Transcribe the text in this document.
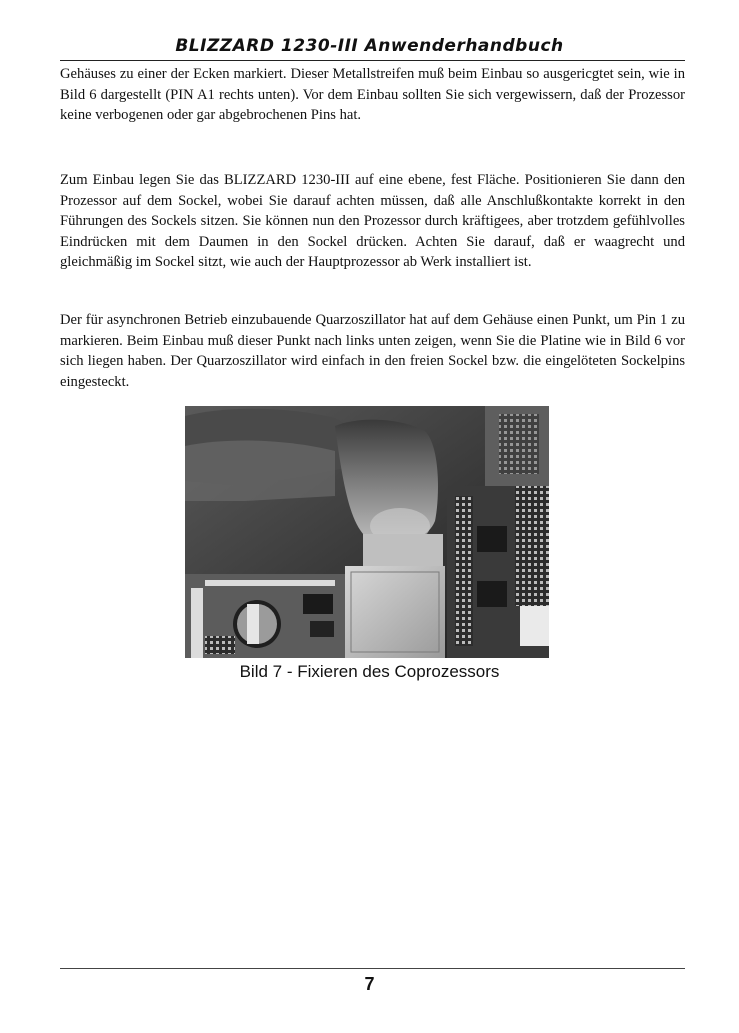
BLIZZARD 1230-III Anwenderhandbuch

Gehäuses zu einer der Ecken markiert. Dieser Metallstreifen muß beim Einbau so ausgericgtet sein, wie in Bild 6 dargestellt (PIN A1 rechts unten). Vor dem Einbau sollten Sie sich vergewissern, daß der Prozessor keine verbogenen oder gar abgebrochenen Pins hat.

Zum Einbau legen Sie das BLIZZARD 1230-III auf eine ebene, fest Fläche. Positionieren Sie dann den Prozessor auf dem Sockel, wobei Sie darauf achten müssen, daß alle Anschlußkontakte korrekt in den Führungen des Sockels sitzen. Sie können nun den Prozessor durch kräftigees, aber trotzdem gefühlvolles Eindrücken mit dem Daumen in den Sockel drücken. Achten Sie darauf, daß er waagrecht und gleichmäßig im Sockel sitzt, wie auch der Hauptprozessor ab Werk installiert ist.

Der für asynchronen Betrieb einzubauende Quarzoszillator hat auf dem Gehäuse einen Punkt, um Pin 1 zu markieren. Beim Einbau muß dieser Punkt nach links unten zeigen, wenn Sie die Platine wie in Bild 6 vor sich liegen haben. Der Quarzoszillator wird einfach in den freien Sockel bzw. die eingelöteten Sockelpins eingesteckt.

Bild 7 - Fixieren des Coprozessors
7
